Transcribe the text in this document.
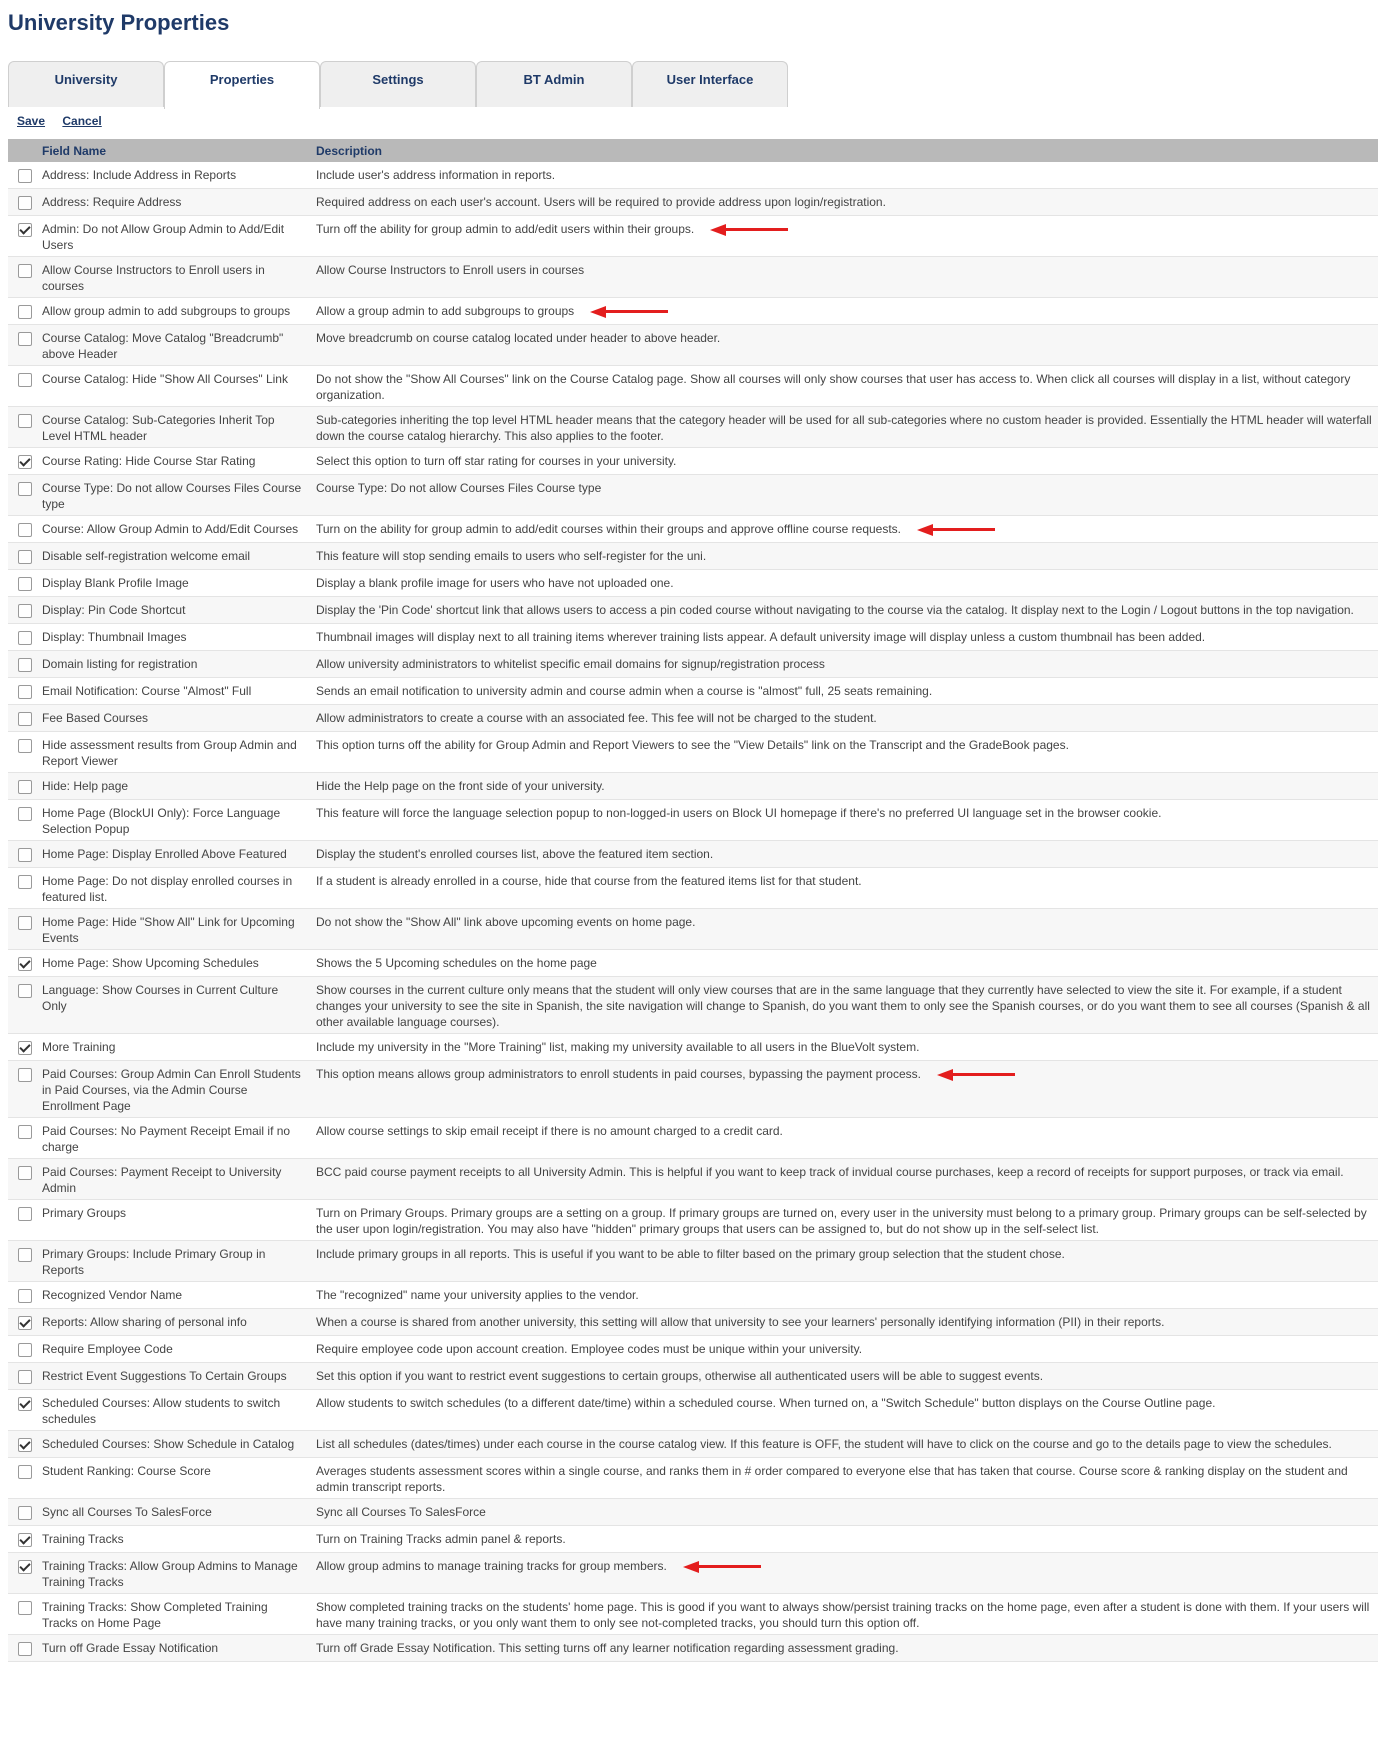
University Properties
University	Properties	Settings	BT Admin	User Interface
Save Cancel
Field Name		Description
	Address: Include Address in Reports	Include user's address information in reports.
	Address: Require Address	Required address on each user's account. Users will be required to provide address upon login/registration.
	Admin: Do not Allow Group Admin to Add/Edit Users	Turn off the ability for group admin to add/edit users within their groups.
	Allow Course Instructors to Enroll users in courses	Allow Course Instructors to Enroll users in courses
	Allow group admin to add subgroups to groups	Allow a group admin to add subgroups to groups
	Course Catalog: Move Catalog "Breadcrumb" above Header	Move breadcrumb on course catalog located under header to above header.
	Course Catalog: Hide "Show All Courses" Link	Do not show the "Show All Courses" link on the Course Catalog page. Show all courses will only show courses that user has access to. When click all courses will display in a list, without category organization.
	Course Catalog: Sub-Categories Inherit Top Level HTML header	Sub-categories inheriting the top level HTML header means that the category header will be used for all sub-categories where no custom header is provided. Essentially the HTML header will waterfall down the course catalog hierarchy. This also applies to the footer.
	Course Rating: Hide Course Star Rating	Select this option to turn off star rating for courses in your university.
	Course Type: Do not allow Courses Files Course type	Course Type: Do not allow Courses Files Course type
	Course: Allow Group Admin to Add/Edit Courses	Turn on the ability for group admin to add/edit courses within their groups and approve offline course requests.
	Disable self-registration welcome email	This feature will stop sending emails to users who self-register for the uni.
	Display Blank Profile Image	Display a blank profile image for users who have not uploaded one.
	Display: Pin Code Shortcut	Display the 'Pin Code' shortcut link that allows users to access a pin coded course without navigating to the course via the catalog. It display next to the Login / Logout buttons in the top navigation.
	Display: Thumbnail Images	Thumbnail images will display next to all training items wherever training lists appear. A default university image will display unless a custom thumbnail has been added.
	Domain listing for registration	Allow university administrators to whitelist specific email domains for signup/registration process
	Email Notification: Course "Almost" Full	Sends an email notification to university admin and course admin when a course is "almost" full, 25 seats remaining.
	Fee Based Courses	Allow administrators to create a course with an associated fee. This fee will not be charged to the student.
	Hide assessment results from Group Admin and Report Viewer	This option turns off the ability for Group Admin and Report Viewers to see the "View Details" link on the Transcript and the GradeBook pages.
	Hide: Help page	Hide the Help page on the front side of your university.
	Home Page (BlockUI Only): Force Language Selection Popup	This feature will force the language selection popup to non-logged-in users on Block UI homepage if there's no preferred UI language set in the browser cookie.
	Home Page: Display Enrolled Above Featured	Display the student's enrolled courses list, above the featured item section.
	Home Page: Do not display enrolled courses in featured list.	If a student is already enrolled in a course, hide that course from the featured items list for that student.
	Home Page: Hide "Show All" Link for Upcoming Events	Do not show the "Show All" link above upcoming events on home page.
	Home Page: Show Upcoming Schedules	Shows the 5 Upcoming schedules on the home page
	Language: Show Courses in Current Culture Only	Show courses in the current culture only means that the student will only view courses that are in the same language that they currently have selected to view the site it. For example, if a student changes your university to see the site in Spanish, the site navigation will change to Spanish, do you want them to only see the Spanish courses, or do you want them to see all courses (Spanish & all other available language courses).
	More Training	Include my university in the "More Training" list, making my university available to all users in the BlueVolt system.
	Paid Courses: Group Admin Can Enroll Students in Paid Courses, via the Admin Course Enrollment Page	This option means allows group administrators to enroll students in paid courses, bypassing the payment process.
	Paid Courses: No Payment Receipt Email if no charge	Allow course settings to skip email receipt if there is no amount charged to a credit card.
	Paid Courses: Payment Receipt to University Admin	BCC paid course payment receipts to all University Admin. This is helpful if you want to keep track of invidual course purchases, keep a record of receipts for support purposes, or track via email.
	Primary Groups	Turn on Primary Groups. Primary groups are a setting on a group. If primary groups are turned on, every user in the university must belong to a primary group. Primary groups can be self-selected by the user upon login/registration. You may also have "hidden" primary groups that users can be assigned to, but do not show up in the self-select list.
	Primary Groups: Include Primary Group in Reports	Include primary groups in all reports. This is useful if you want to be able to filter based on the primary group selection that the student chose.
	Recognized Vendor Name	The "recognized" name your university applies to the vendor.
	Reports: Allow sharing of personal info	When a course is shared from another university, this setting will allow that university to see your learners' personally identifying information (PII) in their reports.
	Require Employee Code	Require employee code upon account creation. Employee codes must be unique within your university.
	Restrict Event Suggestions To Certain Groups	Set this option if you want to restrict event suggestions to certain groups, otherwise all authenticated users will be able to suggest events.
	Scheduled Courses: Allow students to switch schedules	Allow students to switch schedules (to a different date/time) within a scheduled course. When turned on, a "Switch Schedule" button displays on the Course Outline page.
	Scheduled Courses: Show Schedule in Catalog	List all schedules (dates/times) under each course in the course catalog view. If this feature is OFF, the student will have to click on the course and go to the details page to view the schedules.
	Student Ranking: Course Score	Averages students assessment scores within a single course, and ranks them in # order compared to everyone else that has taken that course. Course score & ranking display on the student and admin transcript reports.
	Sync all Courses To SalesForce	Sync all Courses To SalesForce
	Training Tracks	Turn on Training Tracks admin panel & reports.
	Training Tracks: Allow Group Admins to Manage Training Tracks	Allow group admins to manage training tracks for group members.
	Training Tracks: Show Completed Training Tracks on Home Page	Show completed training tracks on the students' home page. This is good if you want to always show/persist training tracks on the home page, even after a student is done with them. If your users will have many training tracks, or you only want them to only see not-completed tracks, you should turn this option off.
	Turn off Grade Essay Notification	Turn off Grade Essay Notification. This setting turns off any learner notification regarding assessment grading.
